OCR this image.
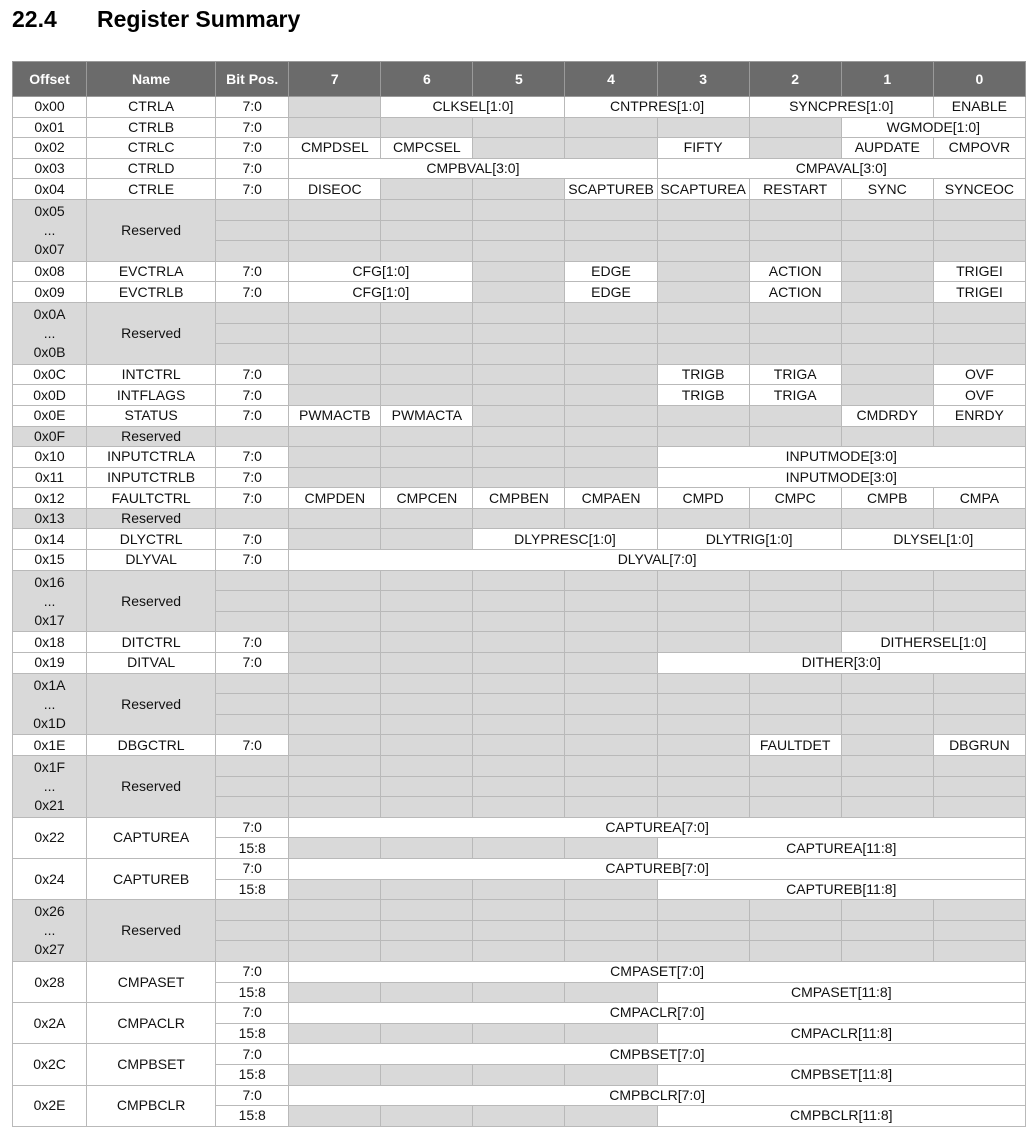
22.4 Register Summary
Offset	Name	Bit Pos.	7	6	5	4	3	2	1	0
0x00	CTRLA	7:0		CLKSEL[1:0]		CNTPRES[1:0]		SYNCPRES[1:0]		ENABLE
0x01	CTRLB	7:0							WGMODE[1:0]	
0x02	CTRLC	7:0	CMPDSEL	CMPCSEL			FIFTY		AUPDATE	CMPOVR
0x03	CTRLD	7:0	CMPBVAL[3:0]				CMPAVAL[3:0]			
0x04	CTRLE	7:0	DISEOC			SCAPTUREB	SCAPTUREA	RESTART	SYNC	SYNCEOC

0x05
...
0x07	Reserved									

0x08	EVCTRLA	7:0	CFG[1:0]			EDGE		ACTION		TRIGEI
0x09	EVCTRLB	7:0	CFG[1:0]			EDGE		ACTION		TRIGEI

0x0A
...
0x0B	Reserved									

0x0C	INTCTRL	7:0					TRIGB	TRIGA		OVF
0x0D	INTFLAGS	7:0					TRIGB	TRIGA		OVF
0x0E	STATUS	7:0	PWMACTB	PWMACTA					CMDRDY	ENRDY

0x0F	Reserved									
0x10	INPUTCTRLA	7:0					INPUTMODE[3:0]			
0x11	INPUTCTRLB	7:0					INPUTMODE[3:0]			
0x12	FAULTCTRL	7:0	CMPDEN	CMPCEN	CMPBEN	CMPAEN	CMPD	CMPC	CMPB	CMPA

0x13	Reserved									
0x14	DLYCTRL	7:0			DLYPRESC[1:0]		DLYTRIG[1:0]		DLYSEL[1:0]	
0x15	DLYVAL	7:0	DLYVAL[7:0]							

0x16
...
0x17	Reserved									

0x18	DITCTRL	7:0							DITHERSEL[1:0]	
0x19	DITVAL	7:0					DITHER[3:0]			

0x1A
...
0x1D	Reserved									

0x1E	DBGCTRL	7:0						FAULTDET		DBGRUN

0x1F
...
0x21	Reserved									

0x22	CAPTUREA	7:0	CAPTUREA[7:0]							
		15:8					CAPTUREA[11:8]			
0x24	CAPTUREB	7:0	CAPTUREB[7:0]							
		15:8					CAPTUREB[11:8]			

0x26
...
0x27	Reserved									

0x28	CMPASET	7:0	CMPASET[7:0]							
		15:8					CMPASET[11:8]			
0x2A	CMPACLR	7:0	CMPACLR[7:0]							
		15:8					CMPACLR[11:8]			
0x2C	CMPBSET	7:0	CMPBSET[7:0]							
		15:8					CMPBSET[11:8]			
0x2E	CMPBCLR	7:0	CMPBCLR[7:0]							
		15:8					CMPBCLR[11:8]			
